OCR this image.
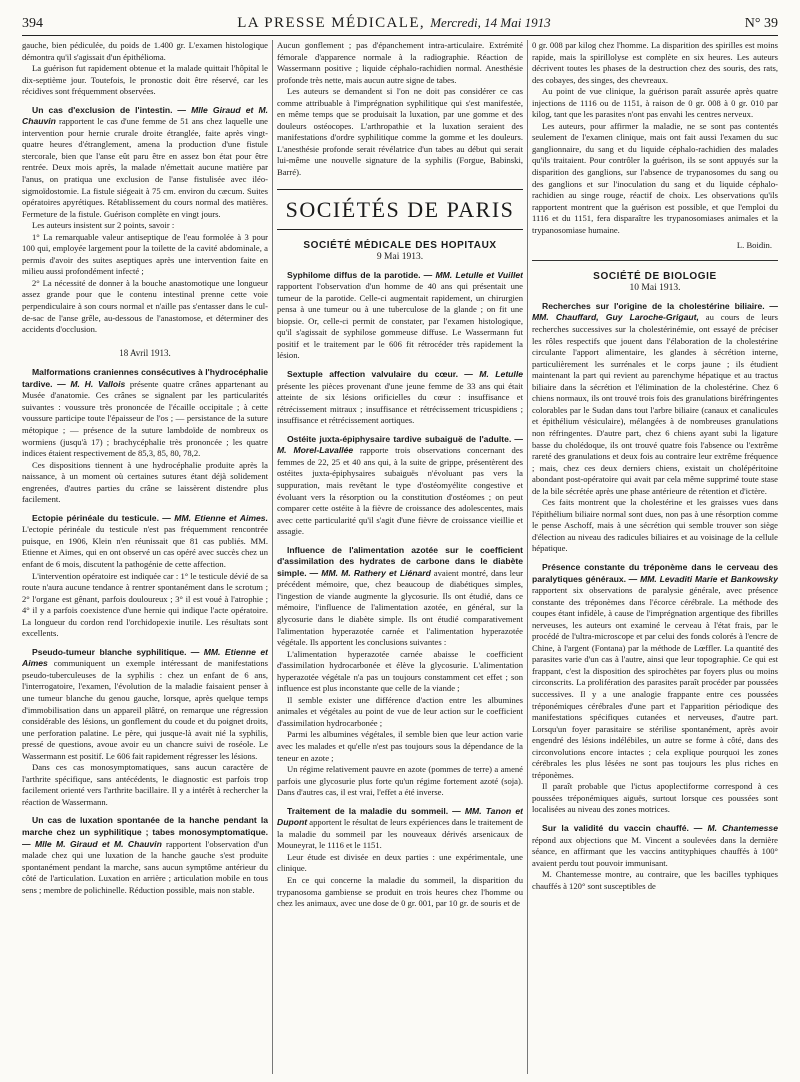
394	LA PRESSE MÉDICALE, Mercredi, 14 Mai 1913	N° 39

gauche, bien pédiculée, du poids de 1.400 gr. L'examen histologique démontra qu'il s'agissait d'un épithélioma.

La guérison fut rapidement obtenue et la malade quittait l'hôpital le dix-septième jour. Toutefois, le pronostic doit être réservé, car les récidives sont fréquemment observées.

Un cas d'exclusion de l'intestin. — Mlle Giraud et M. Chauvin rapportent le cas d'une femme de 51 ans chez laquelle une intervention pour hernie crurale droite étranglée, faite après vingt-quatre heures d'étranglement, amena la production d'une fistule stercorale, bien que l'anse eût paru être en assez bon état pour être rentrée. Deux mois après, la malade n'émettait aucune matière par l'anus, on pratiqua une exclusion de l'anse fistulisée avec iléo-sigmoïdostomie. La fistule siégeait à 75 cm. environ du cæcum. Suites opératoires apyrétiques. Rétablissement du cours normal des matières. Fermeture de la fistule. Guérison complète en vingt jours.

Les auteurs insistent sur 2 points, savoir :

1° La remarquable valeur antiseptique de l'eau formolée à 3 pour 100 qui, employée largement pour la toilette de la cavité abdominale, a permis d'avoir des suites aseptiques après une intervention faite en milieu aussi profondément infecté ;

2° La nécessité de donner à la bouche anastomotique une longueur assez grande pour que le contenu intestinal prenne cette voie perpendiculaire à son cours normal et n'aille pas s'entasser dans le cul-de-sac de l'anse grêle, au-dessous de l'anastomose, et déterminer des accidents d'occlusion.

18 Avril 1913.

Malformations craniennes consécutives à l'hydrocéphalie tardive. — M. H. Vallois présente quatre crânes appartenant au Musée d'anatomie. Ces crânes se signalent par les particularités suivantes : voussure très prononcée de l'écaille occipitale ; à cette voussure participe toute l'épaisseur de l'os ; — persistance de la suture métopique ; — présence de la suture lambdoïde de nombreux os wormiens (jusqu'à 17) ; brachycéphalie très prononcée ; les quatre indices étaient respectivement de 85,3, 85, 80, 78,2.

Ces dispositions tiennent à une hydrocéphalie produite après la naissance, à un moment où certaines sutures étant déjà solidement engrenées, d'autres parties du crâne se laissèrent distendre plus facilement.

Ectopie périnéale du testicule. — MM. Etienne et Aimes. L'ectopie périnéale du testicule n'est pas fréquemment rencontrée puisque, en 1906, Klein n'en réunissait que 81 cas publiés. MM. Etienne et Aimes, qui en ont observé un cas opéré avec succès chez un enfant de 6 mois, discutent la pathogénie de cette affection.

L'intervention opératoire est indiquée car : 1° le testicule dévié de sa route n'aura aucune tendance à rentrer spontanément dans le scrotum ; 2° l'organe est gênant, parfois douloureux ; 3° il est voué à l'atrophie ; 4° il y a parfois coexistence d'une hernie qui indique l'acte opératoire. La longueur du cordon rend l'orchidopexie inutile. Les résultats sont excellents.

Pseudo-tumeur blanche syphilitique. — MM. Etienne et Aimes communiquent un exemple intéressant de manifestations pseudo-tuberculeuses de la syphilis : chez un enfant de 6 ans, l'interrogatoire, l'examen, l'évolution de la maladie faisaient penser à une tumeur blanche du genou gauche, lorsque, après quelque temps d'immobilisation dans un appareil plâtré, on remarque une régression considérable des lésions, un gonflement du coude et du poignet droits, une perforation palatine. Le père, qui jusque-là avait nié la syphilis, pressé de questions, avoue avoir eu un chancre suivi de roséole. Le Wassermann est positif. Le 606 fait rapidement régresser les lésions.

Dans ces cas monosymptomatiques, sans aucun caractère de l'arthrite spécifique, sans antécédents, le diagnostic est parfois trop facilement orienté vers l'arthrite bacillaire. Il y a intérêt à rechercher la réaction de Wassermann.

Un cas de luxation spontanée de la hanche pendant la marche chez un syphilitique ; tabes monosymptomatique. — Mlle M. Giraud et M. Chauvin rapportent l'observation d'un malade chez qui une luxation de la hanche gauche s'est produite spontanément pendant la marche, sans aucun symptôme antérieur du côté de l'articulation. Luxation en arrière ; articulation mobile en tous sens ; membre de polichinelle. Réduction possible, mais non stable.

Aucun gonflement ; pas d'épanchement intra-articulaire. Extrémité fémorale d'apparence normale à la radiographie. Réaction de Wassermann positive ; liquide céphalo-rachidien normal. Anesthésie profonde très nette, mais aucun autre signe de tabes.

Les auteurs se demandent si l'on ne doit pas considérer ce cas comme attribuable à l'imprégnation syphilitique qui s'est manifestée, en même temps que se produisait la luxation, par une gomme et des douleurs ostéocopes. L'arthropathie et la luxation seraient des manifestations d'ordre syphilitique comme la gomme et les douleurs. L'anesthésie profonde serait révélatrice d'un tabes au début qui serait lui-même une nouvelle signature de la syphilis (Forgue, Babinski, Barré).

SOCIÉTÉS DE PARIS
SOCIÉTÉ MÉDICALE DES HOPITAUX
9 Mai 1913.

Syphilome diffus de la parotide. — MM. Letulle et Vuillet rapportent l'observation d'un homme de 40 ans qui présentait une tumeur de la parotide. Celle-ci augmentait rapidement, un chirurgien pensa à une tumeur ou à une tuberculose de la glande ; on fit une biopsie. Or, celle-ci permit de constater, par l'examen histologique, qu'il s'agissait de syphilose gommeuse diffuse. Le Wassermann fut positif et le traitement par le 606 fit rétrocéder très rapidement la lésion.

Sextuple affection valvulaire du cœur. — M. Letulle présente les pièces provenant d'une jeune femme de 33 ans qui était atteinte de six lésions orificielles du cœur : insuffisance et rétrécissement mitraux ; insuffisance et rétrécissement tricuspidiens ; insuffisance et rétrécissement aortiques.

Ostéite juxta-épiphysaire tardive subaiguë de l'adulte. — M. Morel-Lavallée rapporte trois observations concernant des femmes de 22, 25 et 40 ans qui, à la suite de grippe, présentèrent des ostéites juxta-épiphysaires subaiguës n'évoluant pas vers la suppuration, mais revêtant le type d'ostéomyélite congestive et évoluant vers la résorption ou la constitution d'ostéomes ; on peut comparer cette ostéite à la fièvre de croissance des adolescentes, mais avec cette particularité qu'il s'agit d'une fièvre de croissance vieillie et assagie.

Influence de l'alimentation azotée sur le coefficient d'assimilation des hydrates de carbone dans le diabète simple. — MM. M. Rathery et Liénard avaient montré, dans leur précédent mémoire, que, chez beaucoup de diabétiques simples, l'ingestion de viande augmente la glycosurie. Ils ont étudié, dans ce mémoire, l'influence de l'alimentation azotée, en général, sur la glycosurie dans le diabète simple. Ils ont étudié comparativement l'alimentation hyperazotée carnée et l'alimentation hyperazotée végétale. Ils apportent les conclusions suivantes :

L'alimentation hyperazotée carnée abaisse le coefficient d'assimilation hydrocarbonée et élève la glycosurie. L'alimentation hyperazotée végétale n'a pas un toujours constamment cet effet ; son influence est plus inconstante que celle de la viande ;

Il semble exister une différence d'action entre les albumines animales et végétales au point de vue de leur action sur le coefficient d'assimilation hydrocarbonée ;

Parmi les albumines végétales, il semble bien que leur action varie avec les malades et qu'elle n'est pas toujours sous la dépendance de la teneur en azote ;

Un régime relativement pauvre en azote (pommes de terre) a amené parfois une glycosurie plus forte qu'un régime fortement azoté (soja). Dans d'autres cas, il est vrai, l'effet a été inverse.

Traitement de la maladie du sommeil. — MM. Tanon et Dupont apportent le résultat de leurs expériences dans le traitement de la maladie du sommeil par les nouveaux dérivés arsenicaux de Mouneyrat, le 1116 et le 1151.

Leur étude est divisée en deux parties : une expérimentale, une clinique.

En ce qui concerne la maladie du sommeil, la disparition du trypanosoma gambiense se produit en trois heures chez l'homme ou chez les animaux, avec une dose de 0 gr. 001, par 10 gr. de souris et de

0 gr. 008 par kilog chez l'homme. La disparition des spirilles est moins rapide, mais la spirillolyse est complète en six heures. Les auteurs décrivent toutes les phases de la destruction chez des souris, des rats, des cobayes, des singes, des chevreaux.

Au point de vue clinique, la guérison paraît assurée après quatre injections de 1116 ou de 1151, à raison de 0 gr. 008 à 0 gr. 010 par kilog, tant que les parasites n'ont pas envahi les centres nerveux.

Les auteurs, pour affirmer la maladie, ne se sont pas contentés seulement de l'examen clinique, mais ont fait aussi l'examen du suc ganglionnaire, du sang et du liquide céphalo-rachidien des malades qu'ils traitaient. Pour contrôler la guérison, ils se sont appuyés sur la disparition des ganglions, sur l'absence de trypanosomes du sang ou des ganglions et sur l'inoculation du sang et du liquide céphalo-rachidien au singe rouge, réactif de choix. Les observations qu'ils rapportent montrent que la guérison est possible, et que l'emploi du 1116 et du 1151, fera disparaître les trypanosomiases animales et la trypanosomiase humaine.

L. Boidin.

SOCIÉTÉ DE BIOLOGIE
10 Mai 1913.

Recherches sur l'origine de la cholestérine biliaire. — MM. Chauffard, Guy Laroche-Grigaut, au cours de leurs recherches successives sur la cholestérinémie, ont essayé de préciser les rôles respectifs que jouent dans l'élaboration de la cholestérine circulante l'apport alimentaire, les glandes à sécrétion interne, particulièrement les surrénales et le corps jaune ; ils étudient maintenant la part qui revient au parenchyme hépatique et au tractus biliaire dans la sécrétion et l'élimination de la cholestérine. Chez 6 chiens normaux, ils ont trouvé trois fois des granulations biréfringentes colorables par le Sudan dans tout l'arbre biliaire (canaux et canalicules et épithélium vésiculaire), mélangées à de nombreuses granulations non réfringentes. D'autre part, chez 6 chiens ayant subi la ligature basse du cholédoque, ils ont trouvé quatre fois l'absence ou l'extrême rareté des granulations et deux fois au contraire leur extrême fréquence ; mais, chez ces deux derniers chiens, existait un cholépéritoine abondant post-opératoire qui avait par cela même supprimé toute stase de la bile sécrétée après une phase antérieure de rétention et d'ictère.

Ces faits montrent que la cholestérine et les graisses vues dans l'épithélium biliaire normal sont dues, non pas à une résorption comme le pense Aschoff, mais à une sécrétion qui semble trouver son siège d'élection au niveau des radicules biliaires et au voisinage de la cellule hépatique.

Présence constante du tréponème dans le cerveau des paralytiques généraux. — MM. Levaditi Marie et Bankowsky rapportent six observations de paralysie générale, avec présence constante des tréponèmes dans l'écorce cérébrale. La méthode des coupes étant infidèle, à cause de l'imprégnation argentique des fibrilles nerveuses, les auteurs ont examiné le cerveau à l'état frais, par le procédé de l'ultra-microscope et par celui des fonds colorés à l'encre de Chine, à l'argent (Fontana) par la méthode de Lœffler. La quantité des parasites varie d'un cas à l'autre, ainsi que leur topographie. Ce qui est frappant, c'est la disposition des spirochètes par foyers plus ou moins circonscrits. La prolifération des parasites paraît procéder par poussées successives. Il y a une analogie frappante entre ces poussées tréponémiques cérébrales d'une part et l'apparition périodique des manifestations spécifiques cutanées et nerveuses, d'autre part. Lorsqu'un foyer parasitaire se stérilise spontanément, après avoir engendré des lésions indélébiles, un autre se forme à côté, dans des circonvolutions encore intactes ; cela explique pourquoi les zones cérébrales les plus lésées ne sont pas toujours les plus riches en tréponèmes.

Il paraît probable que l'ictus apoplectiforme correspond à ces poussées tréponémiques aiguës, surtout lorsque ces poussées sont localisées au niveau des zones motrices.

Sur la validité du vaccin chauffé. — M. Chantemesse répond aux objections que M. Vincent a soulevées dans la dernière séance, en affirmant que les vaccins antityphiques chauffés à 100° avaient perdu tout pouvoir immunisant.

M. Chantemesse montre, au contraire, que les bacilles typhiques chauffés à 120° sont susceptibles de
